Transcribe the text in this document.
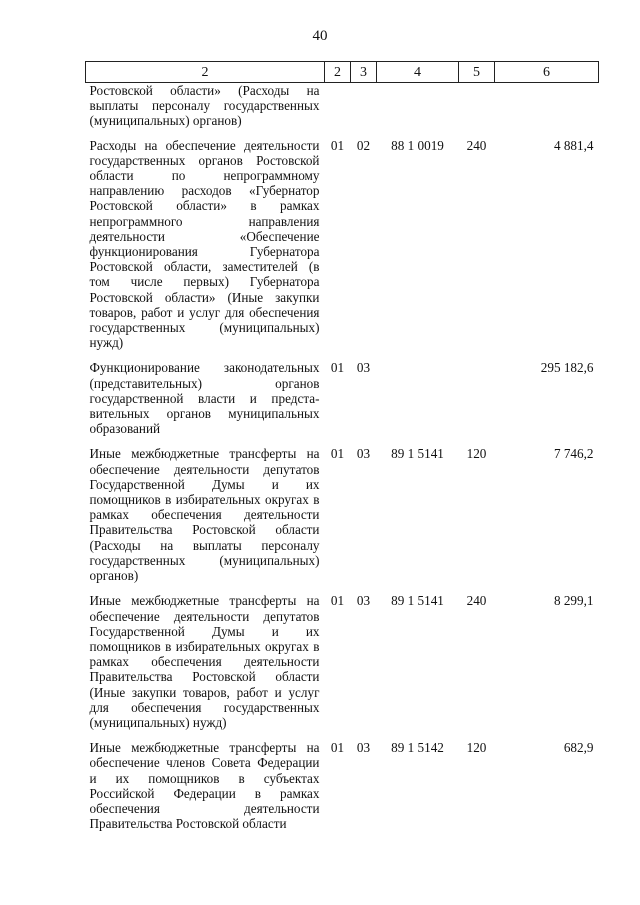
40
2	2	3	4	5	6
Ростовской области» (Расходы на выплаты персоналу государственных (муниципальных) органов)					
Расходы на обеспечение деятельности государственных органов Ростовской области по непрограммному направлению расходов «Губернатор Ростовской области» в рамках непрограммного направления деятельности «Обеспечение функционирования Губернатора Ростовской области, заместителей (в том числе первых) Губернатора Ростовской области» (Иные закупки товаров, работ и услуг для обеспечения государственных (муниципальных) нужд)	01	02	88 1 0019	240	4 881,4
Функционирование законодательных (представительных) органов государственной власти и представительных органов муниципальных образований	01	03			295 182,6
Иные межбюджетные трансферты на обеспечение деятельности депутатов Государственной Думы и их помощников в избирательных округах в рамках обеспечения деятельности Правительства Ростовской области (Расходы на выплаты персоналу государственных (муниципальных) органов)	01	03	89 1 5141	120	7 746,2
Иные межбюджетные трансферты на обеспечение деятельности депутатов Государственной Думы и их помощников в избирательных округах в рамках обеспечения деятельности Правительства Ростовской области (Иные закупки товаров, работ и услуг для обеспечения государственных (муниципальных) нужд)	01	03	89 1 5141	240	8 299,1
Иные межбюджетные трансферты на обеспечение членов Совета Федерации и их помощников в субъектах Российской Федерации в рамках обеспечения деятельности Правительства Ростовской области	01	03	89 1 5142	120	682,9
